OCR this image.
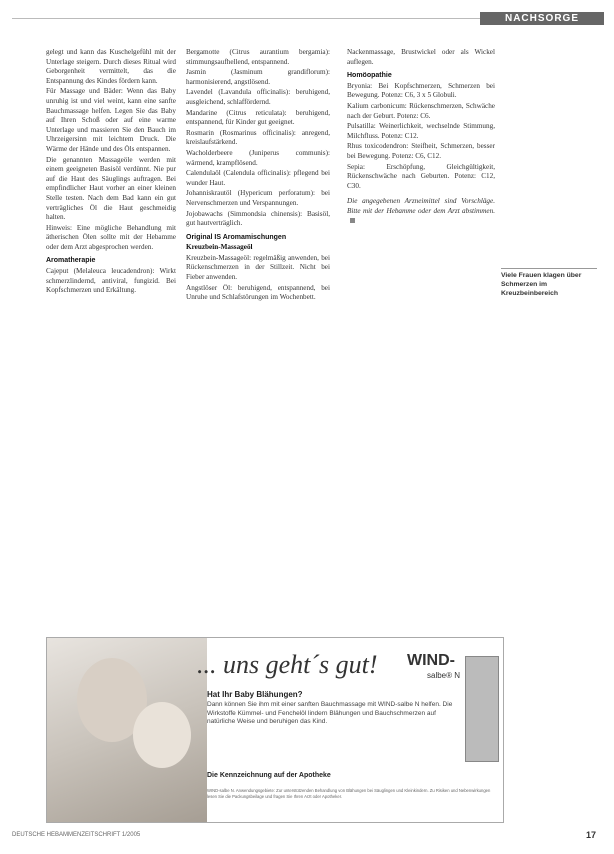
NACHSORGE

gelegt und kann das Kuschelgefühl mit der Unterlage steigern. Durch dieses Ritual wird Geborgenheit vermittelt, das die Entspannung des Kindes fördern kann.

Für Massage und Bäder: Wenn das Baby unruhig ist und viel weint, kann eine sanfte Bauchmassage helfen. Legen Sie das Baby auf Ihren Schoß oder auf eine warme Unterlage und massieren Sie den Bauch im Uhrzeigersinn mit leichtem Druck. Die Wärme der Hände und des Öls entspannen.

Die genannten Massageöle werden mit einem geeigneten Basisöl verdünnt. Nie pur auf die Haut des Säuglings auftragen. Bei empfindlicher Haut vorher an einer kleinen Stelle testen. Nach dem Bad kann ein gut verträgliches Öl die Haut geschmeidig halten.

Hinweis: Eine mögliche Behandlung mit ätherischen Ölen sollte mit der Hebamme oder dem Arzt abgesprochen werden.

Aromatherapie

Cajeput (Melaleuca leucadendron): Wirkt schmerzlindernd, antiviral, fungizid. Bei Kopfschmerzen und Erkältung.

Bergamotte (Citrus aurantium bergamia): stimmungsaufhellend, entspannend.

Jasmin (Jasminum grandiflorum): harmonisierend, angstlösend.

Lavendel (Lavandula officinalis): beruhigend, ausgleichend, schlaffördernd.

Mandarine (Citrus reticulata): beruhigend, entspannend, für Kinder gut geeignet.

Rosmarin (Rosmarinus officinalis): anregend, kreislaufstärkend.

Wacholderbeere (Juniperus communis): wärmend, krampflösend.

Calendulaöl (Calendula officinalis): pflegend bei wunder Haut.

Johanniskrautöl (Hypericum perforatum): bei Nervenschmerzen und Verspannungen.

Jojobawachs (Simmondsia chinensis): Basisöl, gut hautverträglich.

Original IS Aromamischungen

Kreuzbein-Massageöl

Kreuzbein-Massageöl: regelmäßig anwenden, bei Rückenschmerzen in der Stillzeit. Nicht bei Fieber anwenden.

Angstlöser Öl: beruhigend, entspannend, bei Unruhe und Schlafstörungen im Wochenbett.

Nackenmassage, Brustwickel oder als Wickel auflegen.

Homöopathie

Bryonia: Bei Kopfschmerzen, Schmerzen bei Bewegung. Potenz: C6, 3 x 5 Globuli.

Kalium carbonicum: Rückenschmerzen, Schwäche nach der Geburt. Potenz: C6.

Pulsatilla: Weinerlichkeit, wechselnde Stimmung, Milchfluss. Potenz: C12.

Rhus toxicodendron: Steifheit, Schmerzen, besser bei Bewegung. Potenz: C6, C12.

Sepia: Erschöpfung, Gleichgültigkeit, Rückenschwäche nach Geburten. Potenz: C12, C30.

Die angegebenen Arzneimittel sind Vorschläge. Bitte mit der Hebamme oder dem Arzt abstimmen.

Viele Frauen klagen über Schmerzen im Kreuzbeinbereich
... uns geht´s gut! WIND-
salbe® N
Hat Ihr Baby Blähungen?
Dann können Sie ihm mit einer sanften Bauchmassage mit WIND-salbe N helfen. Die Wirkstoffe Kümmel- und Fenchelöl lindern Blähungen und Bauchschmerzen auf natürliche Weise und beruhigen das Kind.
Die Kennzeichnung auf der Apotheke
WIND-salbe N. Anwendungsgebiete: Zur unterstützenden Behandlung von Blähungen bei Säuglingen und Kleinkindern. Zu Risiken und Nebenwirkungen lesen Sie die Packungsbeilage und fragen Sie Ihren Arzt oder Apotheker.
DEUTSCHE HEBAMMENZEITSCHRIFT 1/2005	17
